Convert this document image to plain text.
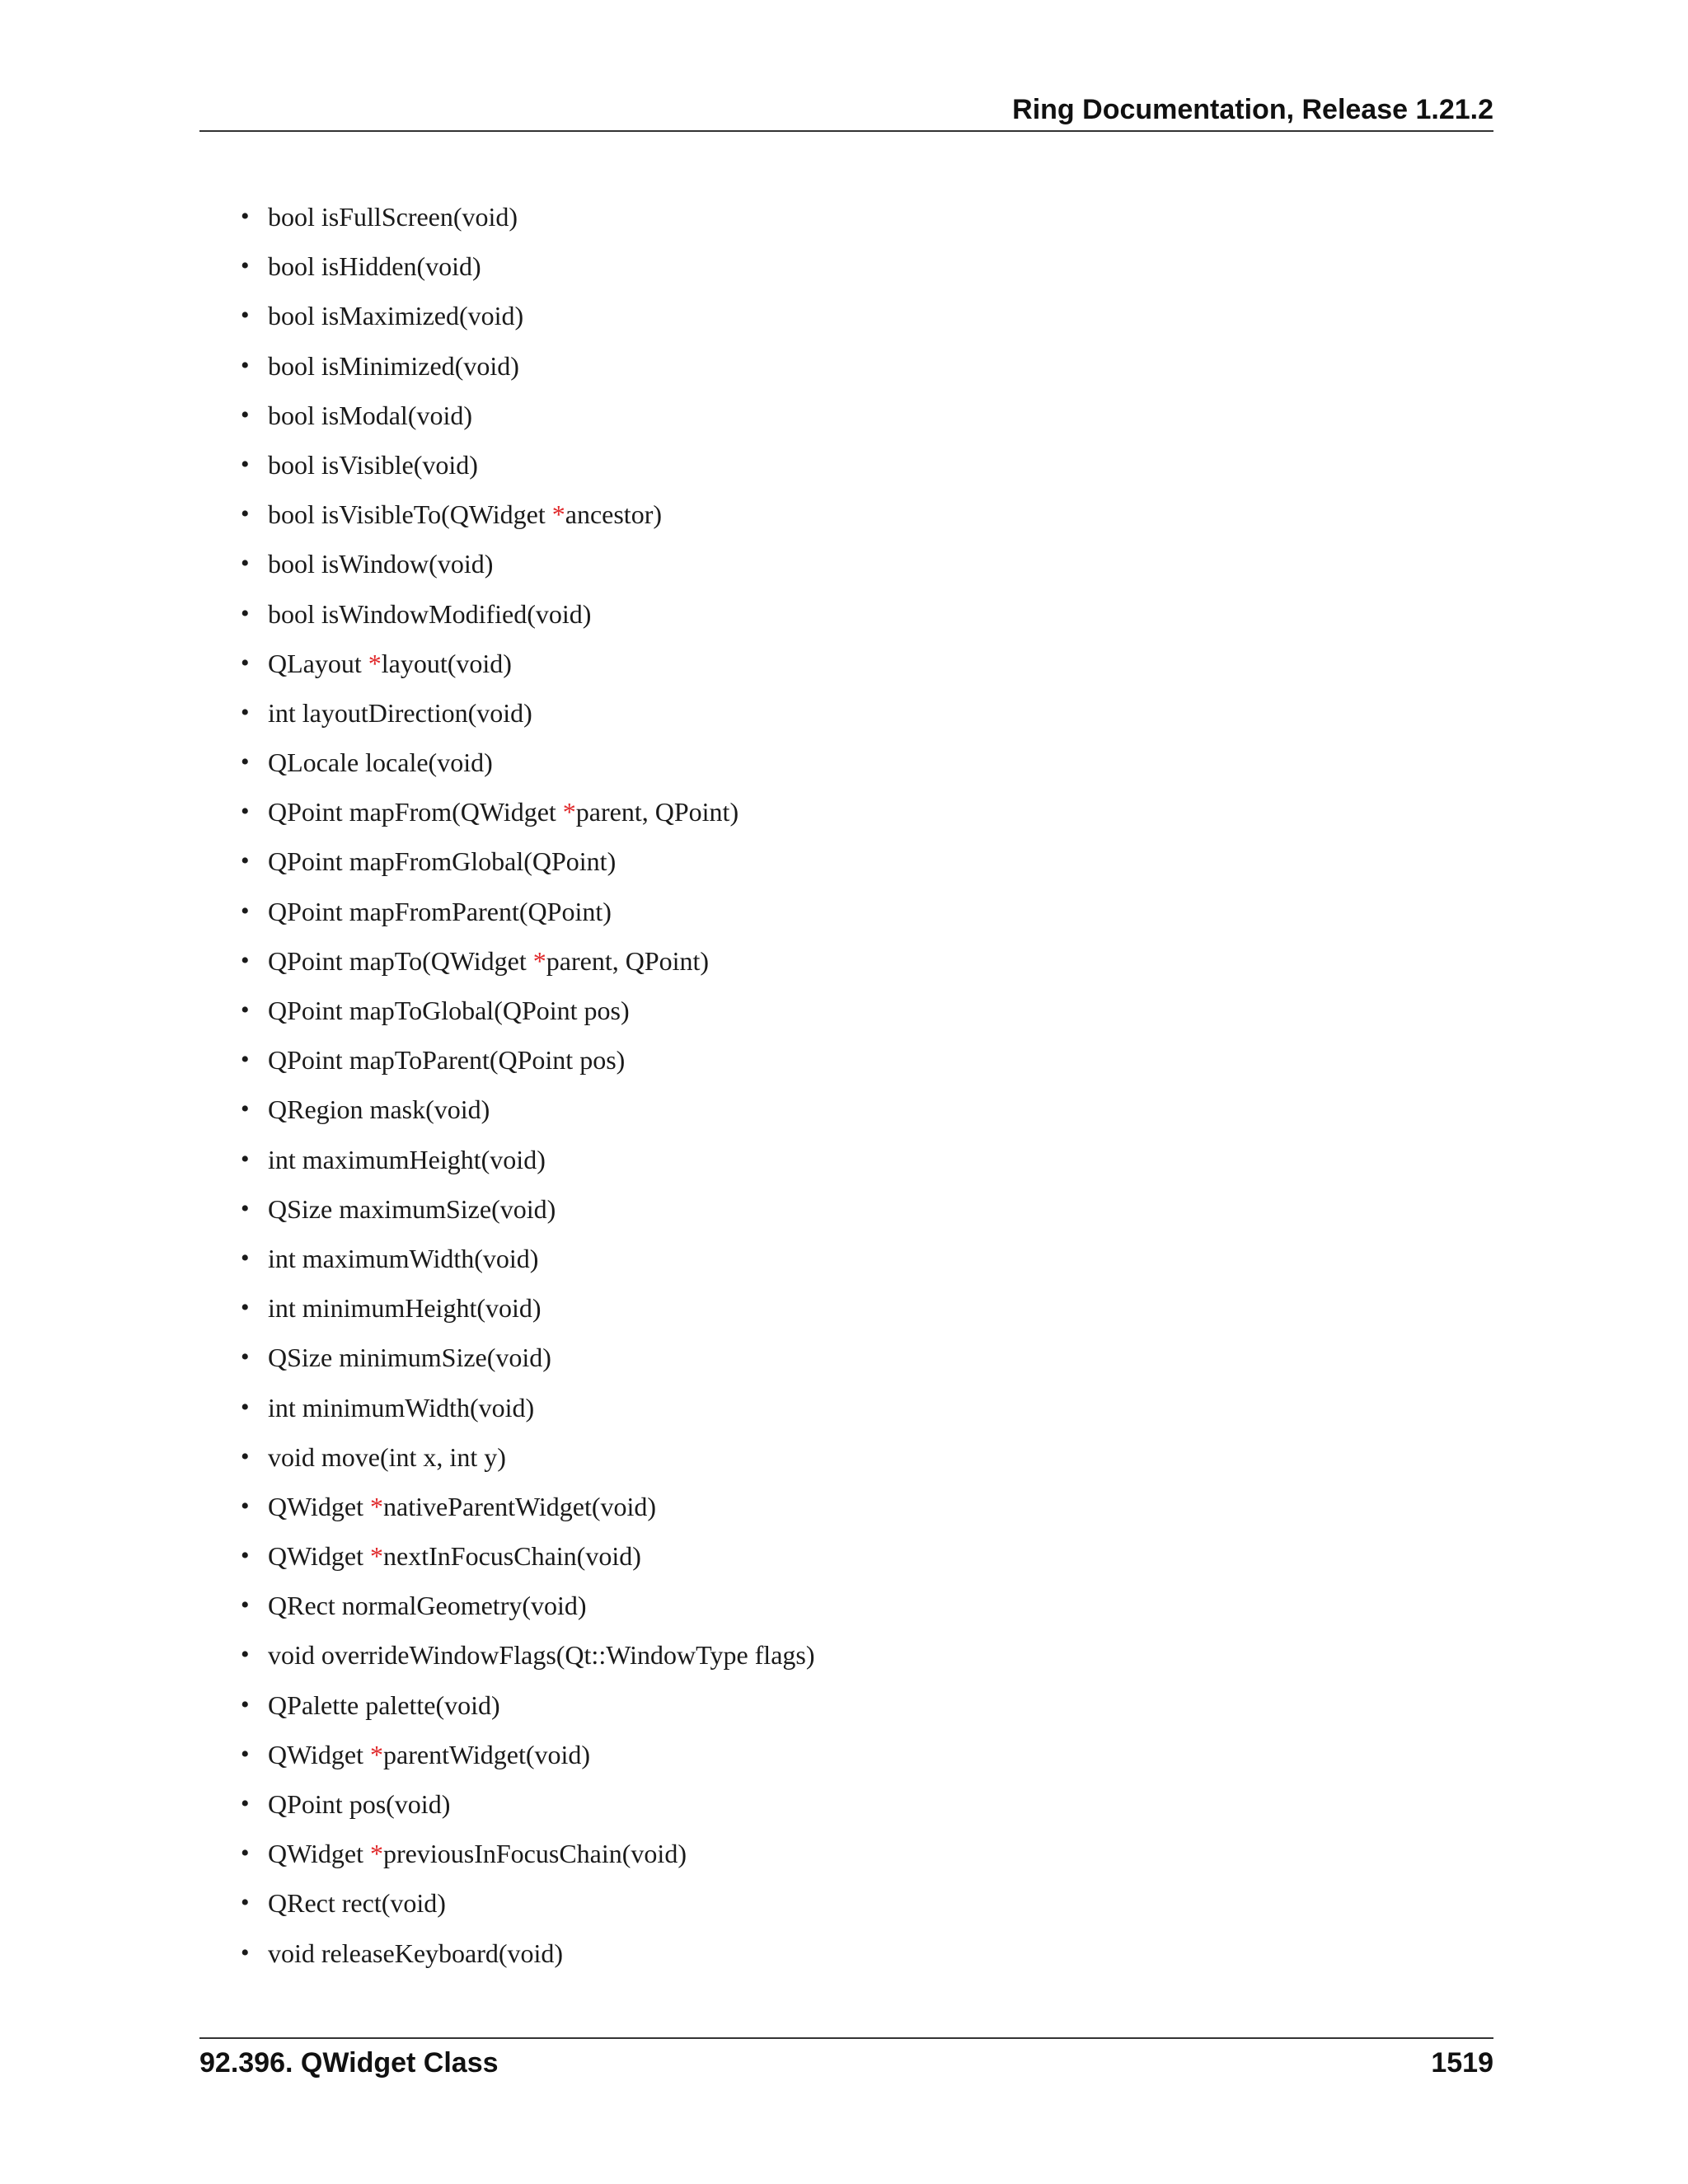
Ring Documentation, Release 1.21.2
• bool isFullScreen(void)
• bool isHidden(void)
• bool isMaximized(void)
• bool isMinimized(void)
• bool isModal(void)
• bool isVisible(void)
• bool isVisibleTo(QWidget *ancestor)
• bool isWindow(void)
• bool isWindowModified(void)
• QLayout *layout(void)
• int layoutDirection(void)
• QLocale locale(void)
• QPoint mapFrom(QWidget *parent, QPoint)
• QPoint mapFromGlobal(QPoint)
• QPoint mapFromParent(QPoint)
• QPoint mapTo(QWidget *parent, QPoint)
• QPoint mapToGlobal(QPoint pos)
• QPoint mapToParent(QPoint pos)
• QRegion mask(void)
• int maximumHeight(void)
• QSize maximumSize(void)
• int maximumWidth(void)
• int minimumHeight(void)
• QSize minimumSize(void)
• int minimumWidth(void)
• void move(int x, int y)
• QWidget *nativeParentWidget(void)
• QWidget *nextInFocusChain(void)
• QRect normalGeometry(void)
• void overrideWindowFlags(Qt::WindowType flags)
• QPalette palette(void)
• QWidget *parentWidget(void)
• QPoint pos(void)
• QWidget *previousInFocusChain(void)
• QRect rect(void)
• void releaseKeyboard(void)
92.396. QWidget Class	1519
